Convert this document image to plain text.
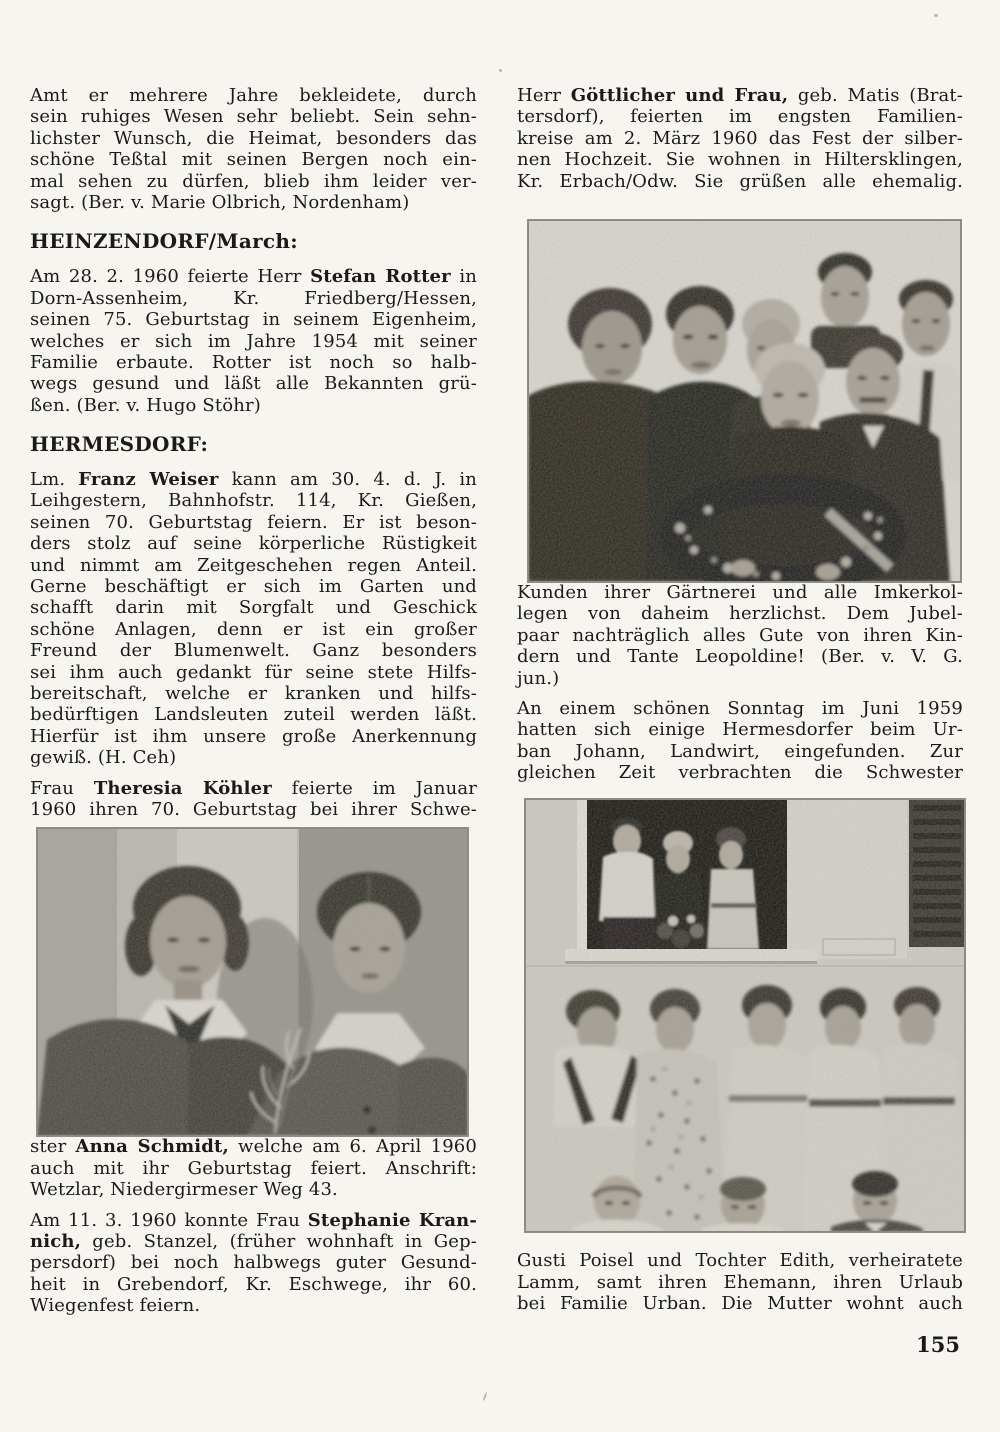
Amt er mehrere Jahre bekleidete, durch
sein ruhiges Wesen sehr beliebt. Sein sehn-
lichster Wunsch, die Heimat, besonders das
schöne Teßtal mit seinen Bergen noch ein-
mal sehen zu dürfen, blieb ihm leider ver-
sagt. (Ber. v. Marie Olbrich, Nordenham)
HEINZENDORF/March:
Am 28. 2. 1960 feierte Herr Stefan Rotter in
Dorn-Assenheim, Kr. Friedberg/Hessen,
seinen 75. Geburtstag in seinem Eigenheim,
welches er sich im Jahre 1954 mit seiner
Familie erbaute. Rotter ist noch so halb-
wegs gesund und läßt alle Bekannten grü-
ßen. (Ber. v. Hugo Stöhr)
HERMESDORF:
Lm. Franz Weiser kann am 30. 4. d. J. in
Leihgestern, Bahnhofstr. 114, Kr. Gießen,
seinen 70. Geburtstag feiern. Er ist beson-
ders stolz auf seine körperliche Rüstigkeit
und nimmt am Zeitgeschehen regen Anteil.
Gerne beschäftigt er sich im Garten und
schafft darin mit Sorgfalt und Geschick
schöne Anlagen, denn er ist ein großer
Freund der Blumenwelt. Ganz besonders
sei ihm auch gedankt für seine stete Hilfs-
bereitschaft, welche er kranken und hilfs-
bedürftigen Landsleuten zuteil werden läßt.
Hierfür ist ihm unsere große Anerkennung
gewiß. (H. Ceh)
Frau Theresia Köhler feierte im Januar
1960 ihren 70. Geburtstag bei ihrer Schwe-
ster Anna Schmidt, welche am 6. April 1960
auch mit ihr Geburtstag feiert. Anschrift:
Wetzlar, Niedergirmeser Weg 43.
Am 11. 3. 1960 konnte Frau Stephanie Kran-
nich, geb. Stanzel, (früher wohnhaft in Gep-
persdorf) bei noch halbwegs guter Gesund-
heit in Grebendorf, Kr. Eschwege, ihr 60.
Wiegenfest feiern.
Herr Göttlicher und Frau, geb. Matis (Brat-
tersdorf), feierten im engsten Familien-
kreise am 2. März 1960 das Fest der silber-
nen Hochzeit. Sie wohnen in Hiltersklingen,
Kr. Erbach/Odw. Sie grüßen alle ehemalig.
Kunden ihrer Gärtnerei und alle Imkerkol-
legen von daheim herzlichst. Dem Jubel-
paar nachträglich alles Gute von ihren Kin-
dern und Tante Leopoldine! (Ber. v. V. G.
jun.)
An einem schönen Sonntag im Juni 1959
hatten sich einige Hermesdorfer beim Ur-
ban Johann, Landwirt, eingefunden. Zur
gleichen Zeit verbrachten die Schwester
Gusti Poisel und Tochter Edith, verheiratete
Lamm, samt ihren Ehemann, ihren Urlaub
bei Familie Urban. Die Mutter wohnt auch
155
